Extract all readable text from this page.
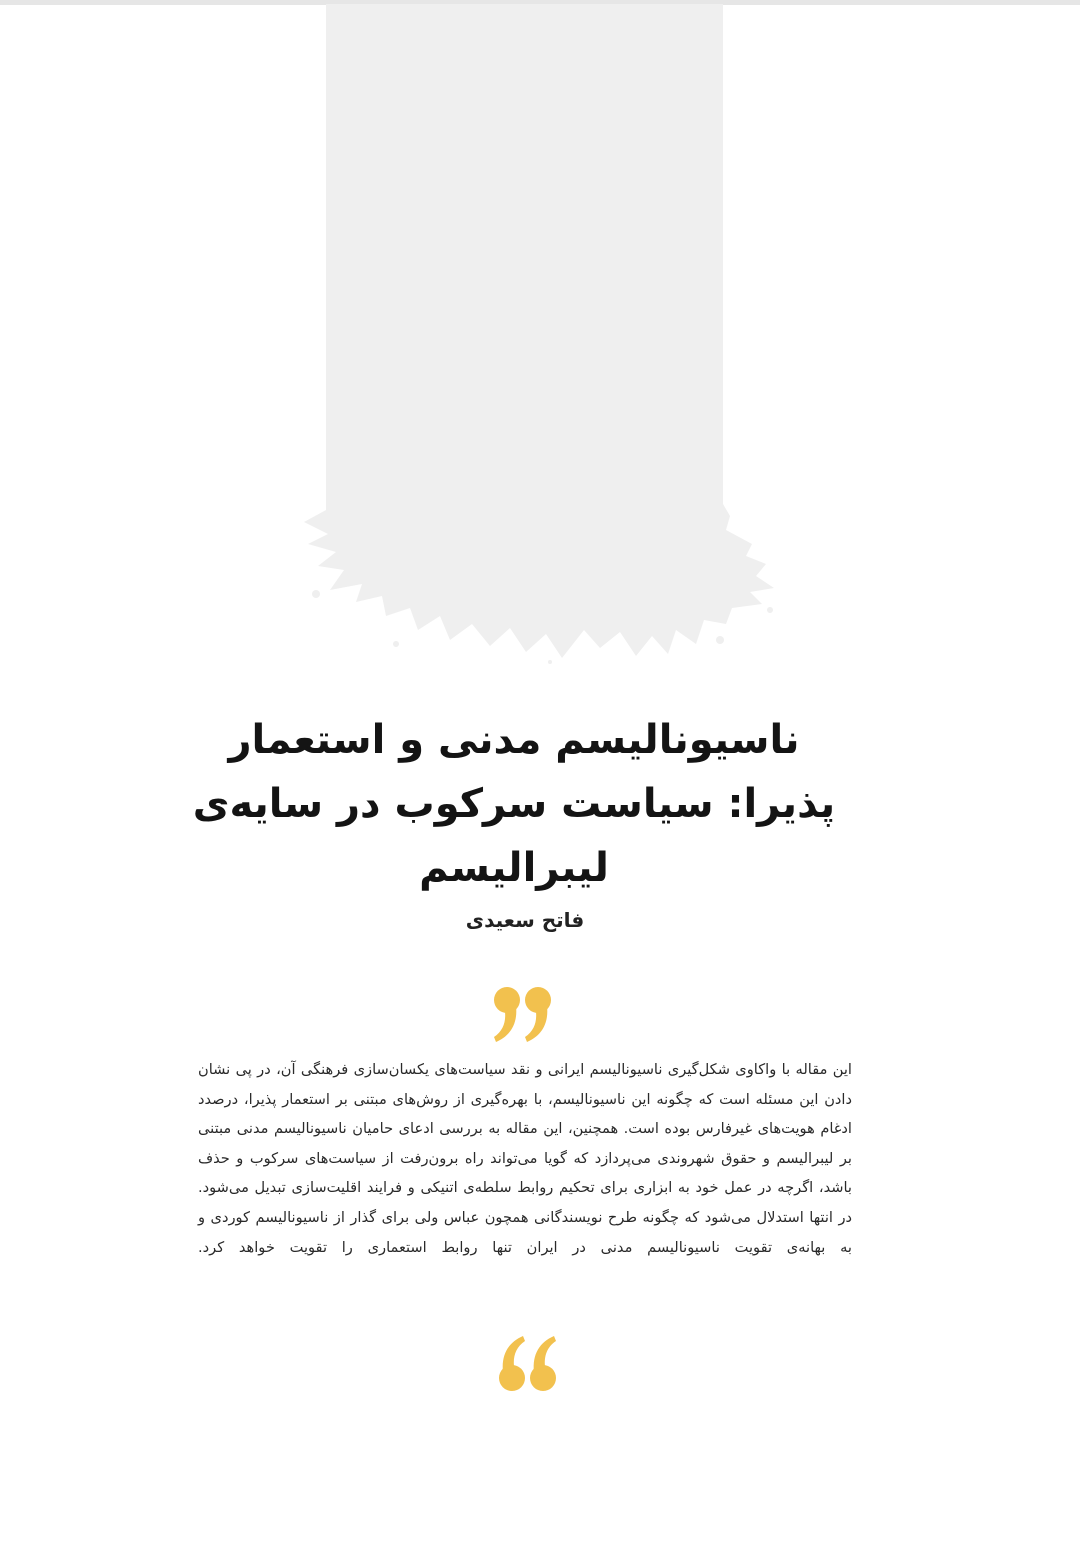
ناسیونالیسم مدنی و استعمار پذیرا: سیاست سرکوب در سایه‌ی لیبرالیسم
فاتح سعیدی

این مقاله با واکاوی شکل‌گیری ناسیونالیسم ایرانی و نقد سیاست‌های یکسان‌سازی فرهنگی آن، در پی نشان دادن این مسئله است که چگونه این ناسیونالیسم، با بهره‌گیری از روش‌های مبتنی بر استعمار پذیرا، درصدد ادغام هویت‌های غیرفارس بوده است. همچنین، این مقاله به بررسی ادعای حامیان ناسیونالیسم مدنی مبتنی بر لیبرالیسم و حقوق شهروندی می‌پردازد که گویا می‌تواند راه برون‌رفت از سیاست‌های سرکوب و حذف باشد، اگرچه در عمل خود به ابزاری برای تحکیم روابط سلطه‌ی اتنیکی و فرایند اقلیت‌سازی تبدیل می‌شود. در انتها استدلال می‌شود که چگونه طرح نویسندگانی همچون عباس ولی برای گذار از ناسیونالیسم کوردی و به بهانه‌ی تقویت ناسیونالیسم مدنی در ایران تنها روابط استعماری را تقویت خواهد کرد.
